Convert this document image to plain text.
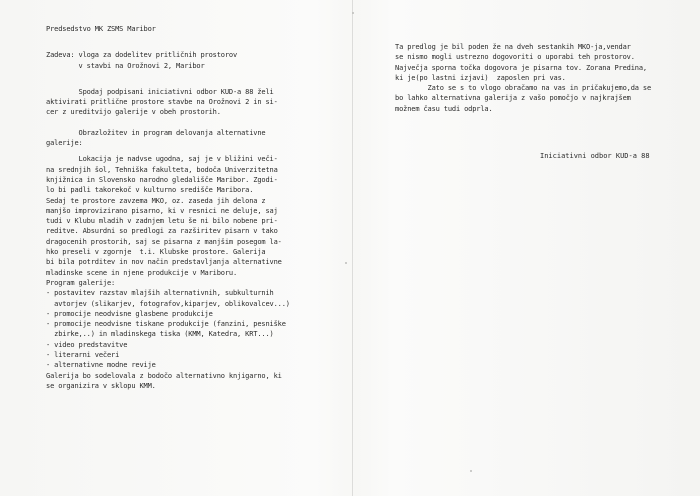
Predsedstvo MK ZSMS Maribor
Zadeva: vloga za dodelitev pritličnih prostorov
v stavbi na Orožnovi 2, Maribor
Spodaj podpisani iniciativni odbor KUD-a 88 želi
aktivirati pritlične prostore stavbe na Orožnovi 2 in si-
cer z ureditvijo galerije v obeh prostorih.
Obrazložitev in program delovanja alternativne
galerije:
Lokacija je nadvse ugodna, saj je v bližini veči-
na srednjih šol, Tehniška fakulteta, bodoča Univerzitetna
knjižnica in Slovensko narodno gledališče Maribor. Zgodi-
lo bi padli takorekoč v kulturno središče Maribora.
Sedaj te prostore zavzema MKO, oz. zaseda jih delona z
manjšo improvizirano pisarno, ki v resnici ne deluje, saj
tudi v Klubu mladih v zadnjem letu še ni bilo nobene pri-
reditve. Absurdni so predlogi za razširitev pisarn v tako
dragocenih prostorih, saj se pisarna z manjšim posegom la-
hko preseli v zgornje  t.i. Klubske prostore. Galerija
bi bila potrditev in nov način predstavljanja alternativne
mladinske scene in njene produkcije v Mariboru.
Program galerije:
- postavitev razstav mlajših alternativnih, subkulturnih
avtorjev (slikarjev, fotografov,kiparjev, oblikovalcev...)
- promocije neodvisne glasbene produkcije
- promocije neodvisne tiskane produkcije (fanzini, pesniške
zbirke,..) in mladinskega tiska (KMM, Katedra, KRT...)
- video predstavitve
- literarni večeri
- alternativne modne revije
Galerija bo sodelovala z bodočo alternativno knjigarno, ki
se organizira v sklopu KMM.
Ta predlog je bil poden že na dveh sestankih MKO-ja,vendar
se nismo mogli ustrezno dogovoriti o uporabi teh prostorov.
Največja sporna točka dogovora je pisarna tov. Zorana Predina,
ki je(po lastni izjavi)  zaposlen pri vas.
Zato se s to vlogo obračamo na vas in pričakujemo,da se
bo lahko alternativna galerija z vašo pomočjo v najkrajšem
možnem času tudi odprla.
Iniciativni odbor KUD-a 88
